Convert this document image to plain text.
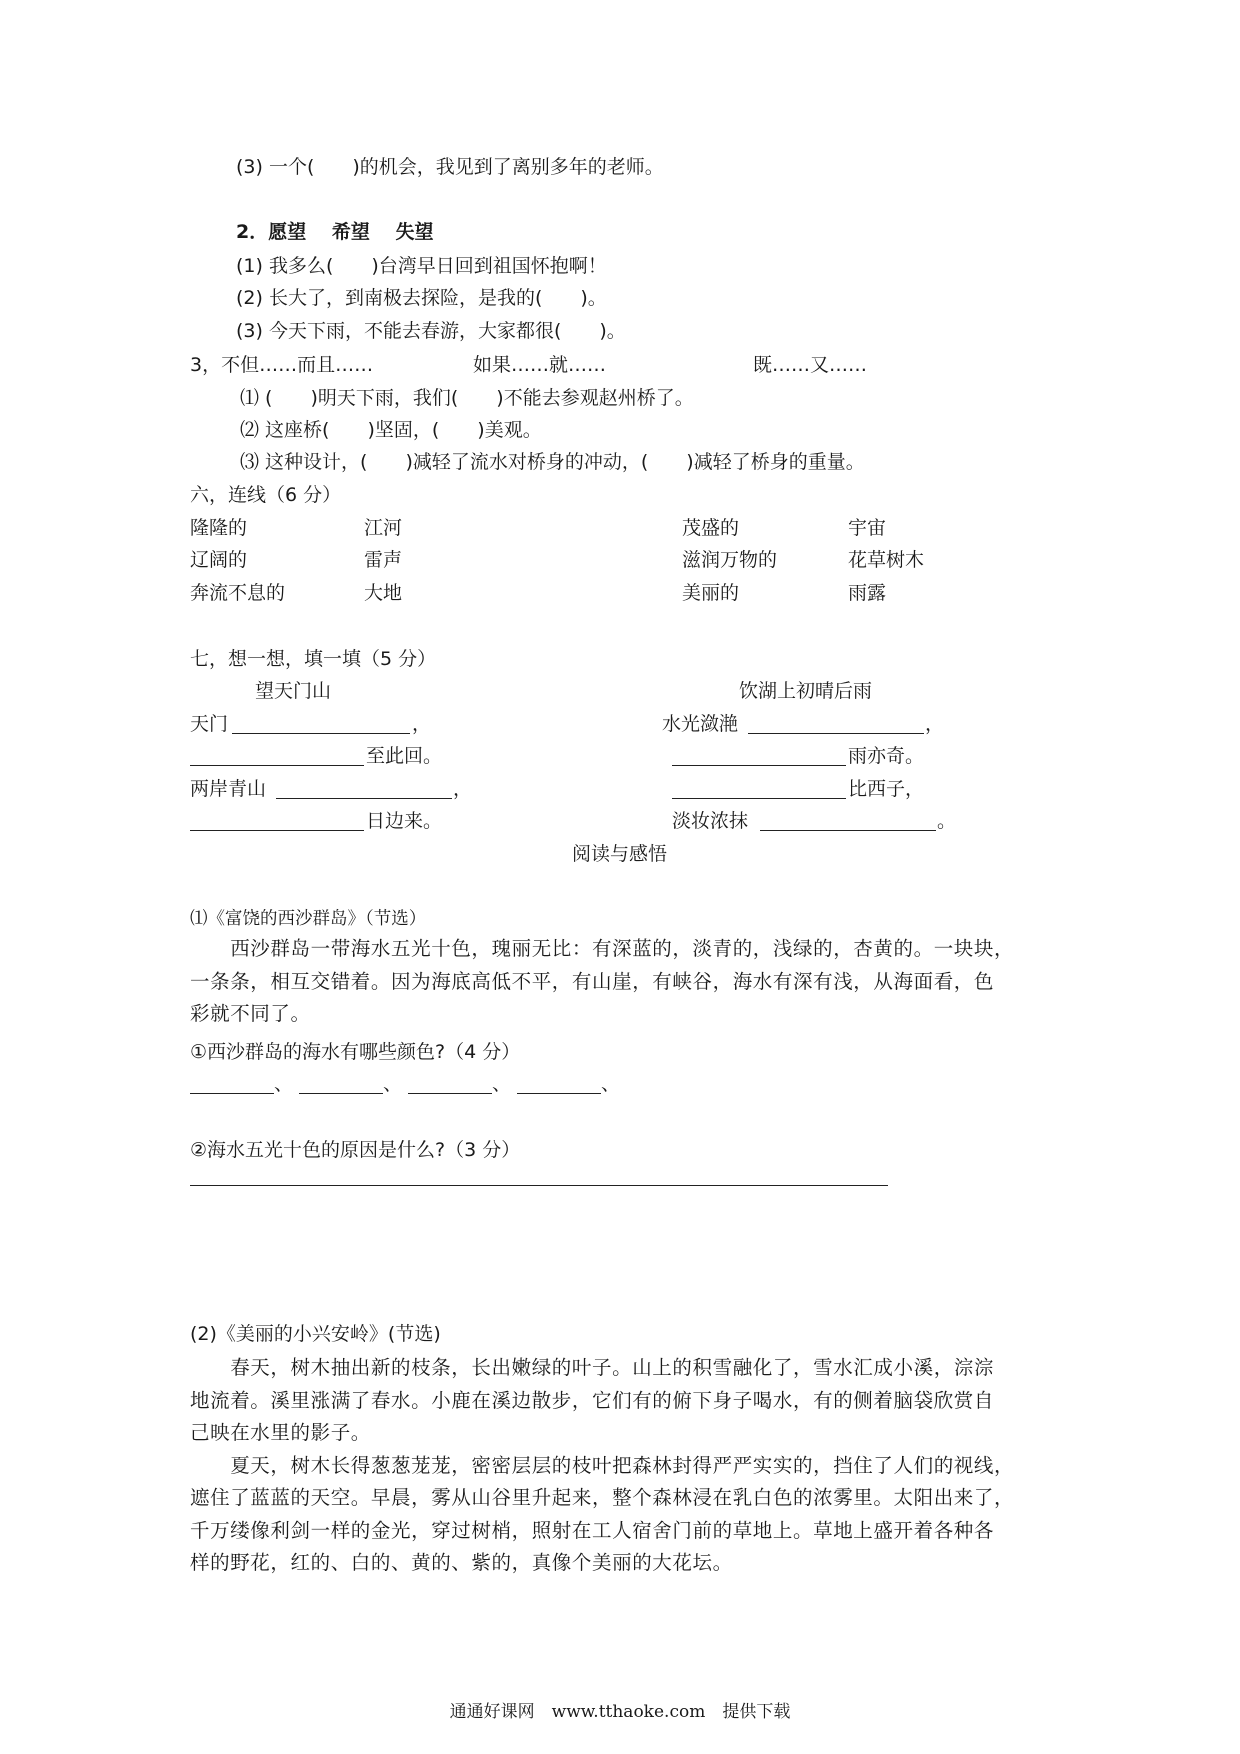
(3) 一个(　　)的机会，我见到了离别多年的老师。
2．愿望　 希望　 失望
(1) 我多么(　　)台湾早日回到祖国怀抱啊！
(2) 长大了，到南极去探险，是我的(　　)。
(3) 今天下雨，不能去春游，大家都很(　　)。
3，不但……而且……	如果……就……	既……又……
⑴ (　　)明天下雨，我们(　　)不能去参观赵州桥了。
⑵ 这座桥(　　)坚固，(　　)美观。
⑶ 这种设计，(　　)减轻了流水对桥身的冲动，(　　)减轻了桥身的重量。
六，连线（6 分）
隆隆的	江河	茂盛的	宇宙
辽阔的	雷声	滋润万物的	花草树木
奔流不息的	大地	美丽的	雨露
七，想一想，填一填（5 分）
望天门山	饮湖上初晴后雨
天门	，
至此回。
两岸青山	，
日边来。
水光潋滟	，
雨亦奇。
比西子，
淡妆浓抹	。
阅读与感悟
⑴《富饶的西沙群岛》（节选）
　　西沙群岛一带海水五光十色，瑰丽无比：有深蓝的，淡青的，浅绿的，杏黄的。一块块，
一条条，相互交错着。因为海底高低不平，有山崖，有峡谷，海水有深有浅，从海面看，色
彩就不同了。
①西沙群岛的海水有哪些颜色?（4 分）
、	、	、	、
②海水五光十色的原因是什么?（3 分）
(2)《美丽的小兴安岭》(节选)
　　春天，树木抽出新的枝条，长出嫩绿的叶子。山上的积雪融化了，雪水汇成小溪，淙淙
地流着。溪里涨满了春水。小鹿在溪边散步，它们有的俯下身子喝水，有的侧着脑袋欣赏自
己映在水里的影子。
　　夏天，树木长得葱葱茏茏，密密层层的枝叶把森林封得严严实实的，挡住了人们的视线，
遮住了蓝蓝的天空。早晨，雾从山谷里升起来，整个森林浸在乳白色的浓雾里。太阳出来了，
千万缕像利剑一样的金光，穿过树梢，照射在工人宿舍门前的草地上。草地上盛开着各种各
样的野花，红的、白的、黄的、紫的，真像个美丽的大花坛。
通通好课网　www.tthaoke.com　提供下载
